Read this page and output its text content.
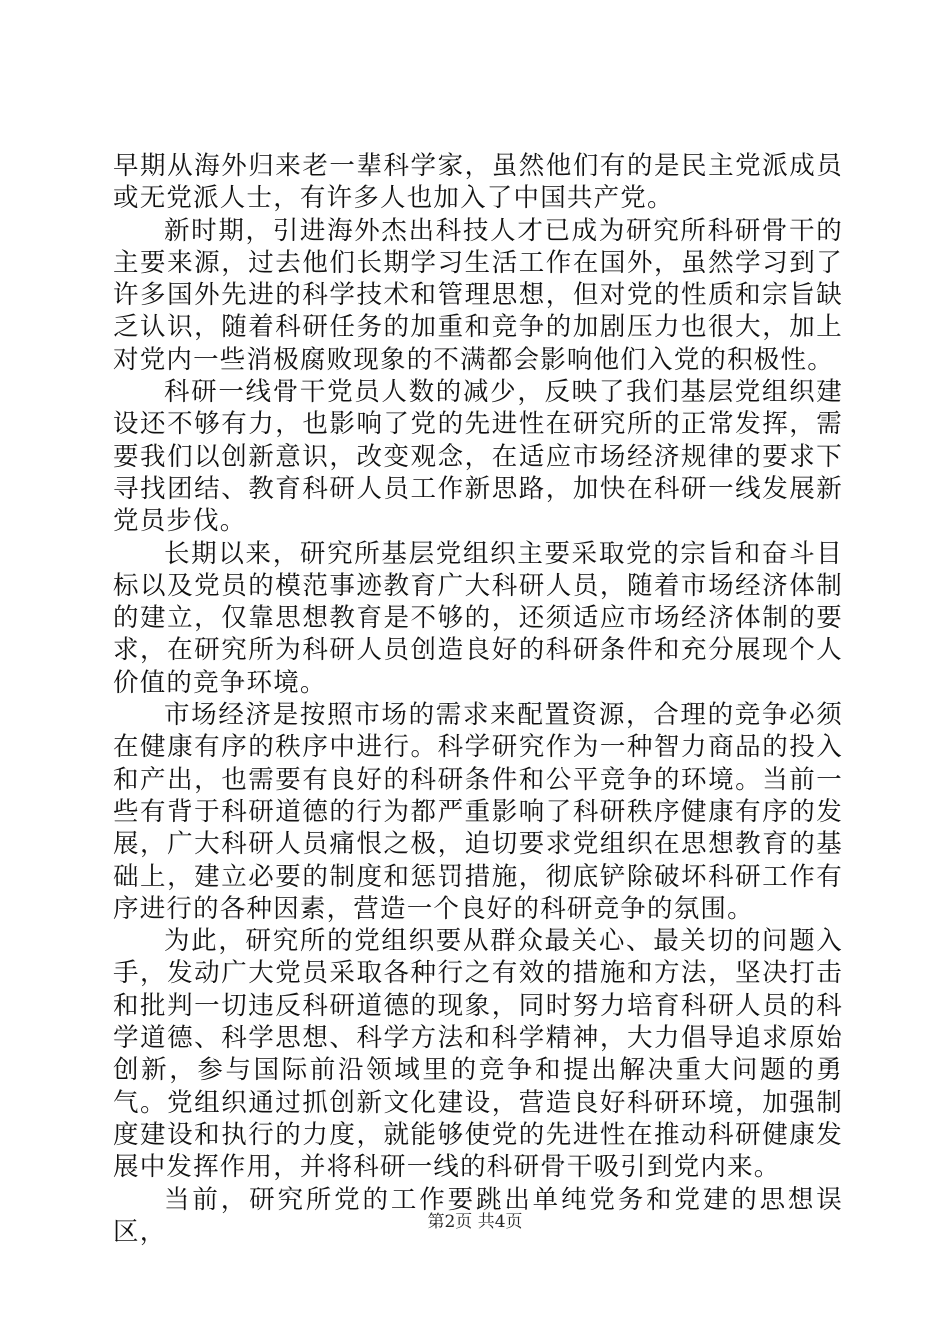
早期从海外归来老一辈科学家，虽然他们有的是民主党派成员或无党派人士，有许多人也加入了中国共产党。

新时期，引进海外杰出科技人才已成为研究所科研骨干的主要来源，过去他们长期学习生活工作在国外，虽然学习到了许多国外先进的科学技术和管理思想，但对党的性质和宗旨缺乏认识，随着科研任务的加重和竞争的加剧压力也很大，加上对党内一些消极腐败现象的不满都会影响他们入党的积极性。

科研一线骨干党员人数的减少，反映了我们基层党组织建设还不够有力，也影响了党的先进性在研究所的正常发挥，需要我们以创新意识，改变观念，在适应市场经济规律的要求下寻找团结、教育科研人员工作新思路，加快在科研一线发展新党员步伐。

长期以来，研究所基层党组织主要采取党的宗旨和奋斗目标以及党员的模范事迹教育广大科研人员，随着市场经济体制的建立，仅靠思想教育是不够的，还须适应市场经济体制的要求，在研究所为科研人员创造良好的科研条件和充分展现个人价值的竞争环境。

市场经济是按照市场的需求来配置资源，合理的竞争必须在健康有序的秩序中进行。科学研究作为一种智力商品的投入和产出，也需要有良好的科研条件和公平竞争的环境。当前一些有背于科研道德的行为都严重影响了科研秩序健康有序的发展，广大科研人员痛恨之极，迫切要求党组织在思想教育的基础上，建立必要的制度和惩罚措施，彻底铲除破坏科研工作有序进行的各种因素，营造一个良好的科研竞争的氛围。

为此，研究所的党组织要从群众最关心、最关切的问题入手，发动广大党员采取各种行之有效的措施和方法，坚决打击和批判一切违反科研道德的现象，同时努力培育科研人员的科学道德、科学思想、科学方法和科学精神，大力倡导追求原始创新，参与国际前沿领域里的竞争和提出解决重大问题的勇气。党组织通过抓创新文化建设，营造良好科研环境，加强制度建设和执行的力度，就能够使党的先进性在推动科研健康发展中发挥作用，并将科研一线的科研骨干吸引到党内来。

当前，研究所党的工作要跳出单纯党务和党建的思想误区，	第2页 共4页
